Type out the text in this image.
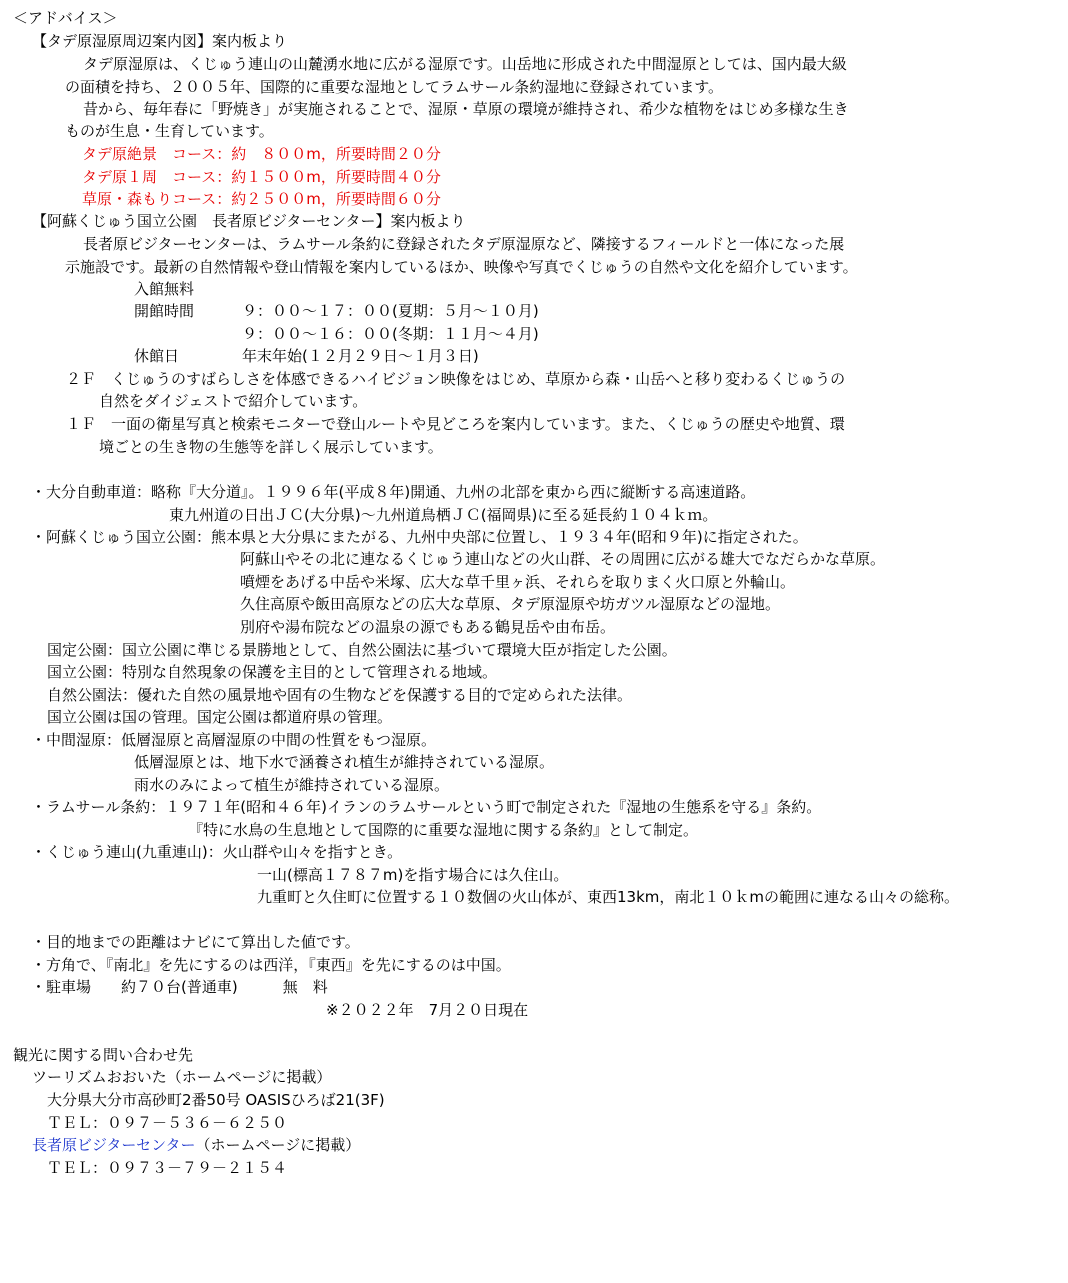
＜アドバイス＞
【タデ原湿原周辺案内図】案内板より
タデ原湿原は、くじゅう連山の山麓湧水地に広がる湿原です。山岳地に形成された中間湿原としては、国内最大級
の面積を持ち、２００５年、国際的に重要な湿地としてラムサール条約湿地に登録されています。
昔から、毎年春に「野焼き」が実施されることで、湿原・草原の環境が維持され、希少な植物をはじめ多様な生き
ものが生息・生育しています。
タデ原絶景　コース：約　８００m，所要時間２０分
タデ原１周　コース：約１５００m，所要時間４０分
草原・森もりコース：約２５００m，所要時間６０分
【阿蘇くじゅう国立公園　長者原ビジターセンター】案内板より
長者原ビジターセンターは、ラムサール条約に登録されたタデ原湿原など、隣接するフィールドと一体になった展
示施設です。最新の自然情報や登山情報を案内しているほか、映像や写真でくじゅうの自然や文化を紹介しています。
入館無料
開館時間	９：００～１７：００(夏期：５月～１０月)
９：００～１６：００(冬期：１１月～４月)
休館日	年末年始(１２月２９日～１月３日)
２Ｆ　くじゅうのすばらしさを体感できるハイビジョン映像をはじめ、草原から森・山岳へと移り変わるくじゅうの
自然をダイジェストで紹介しています。
１Ｆ　一面の衛星写真と検索モニターで登山ルートや見どころを案内しています。また、くじゅうの歴史や地質、環
境ごとの生き物の生態等を詳しく展示しています。
・大分自動車道：略称『大分道』。１９９６年(平成８年)開通、九州の北部を東から西に縦断する高速道路。
東九州道の日出ＪＣ(大分県)～九州道鳥栖ＪＣ(福岡県)に至る延長約１０４ｋｍ。
・阿蘇くじゅう国立公園：熊本県と大分県にまたがる、九州中央部に位置し、１９３４年(昭和９年)に指定された。
阿蘇山やその北に連なるくじゅう連山などの火山群、その周囲に広がる雄大でなだらかな草原。
噴煙をあげる中岳や米塚、広大な草千里ヶ浜、それらを取りまく火口原と外輪山。
久住高原や飯田高原などの広大な草原、タデ原湿原や坊ガツル湿原などの湿地。
別府や湯布院などの温泉の源でもある鶴見岳や由布岳。
国定公園：国立公園に準じる景勝地として、自然公園法に基づいて環境大臣が指定した公園。
国立公園：特別な自然現象の保護を主目的として管理される地域。
自然公園法：優れた自然の風景地や固有の生物などを保護する目的で定められた法律。
国立公園は国の管理。国定公園は都道府県の管理。
・中間湿原：低層湿原と高層湿原の中間の性質をもつ湿原。
低層湿原とは、地下水で涵養され植生が維持されている湿原。
雨水のみによって植生が維持されている湿原。
・ラムサール条約：１９７１年(昭和４６年)イランのラムサールという町で制定された『湿地の生態系を守る』条約。
『特に水鳥の生息地として国際的に重要な湿地に関する条約』として制定。
・くじゅう連山(九重連山)：火山群や山々を指すとき。
一山(標高１７８７m)を指す場合には久住山。
九重町と久住町に位置する１０数個の火山体が、東西13km，南北１０ｋmの範囲に連なる山々の総称。
・目的地までの距離はナビにて算出した値です。
・方角で、『南北』を先にするのは西洋，『東西』を先にするのは中国。
・駐車場　　約７０台(普通車)　　　無　料
※２０２２年　7月２０日現在
観光に関する問い合わせ先
ツーリズムおおいた（ホームページに掲載）
大分県大分市高砂町2番50号 OASISひろば21(3F)
ＴＥＬ：０９７－５３６－６２５０
長者原ビジターセンター（ホームページに掲載）
ＴＥＬ：０９７３－７９－２１５４
